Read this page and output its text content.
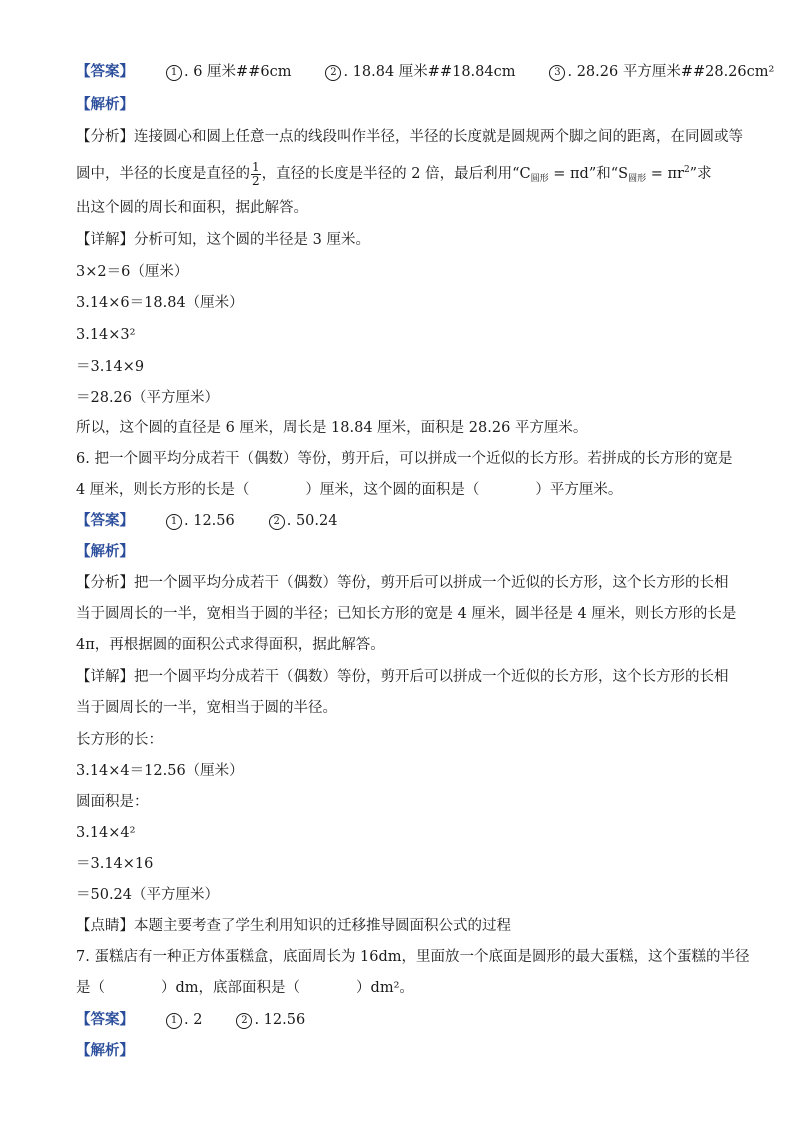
【答案】	1 . 6 厘米##6cm	2 . 18.84 厘米##18.84cm	3 . 28.26 平方厘米##28.26cm²
【解析】
【分析】连接圆心和圆上任意一点的线段叫作半径，半径的长度就是圆规两个脚之间的距离，在同圆或等
圆中，半径的长度是直径的 $\frac{1}{2}$ ，直径的长度是半径的 2 倍，最后利用“$C_{圆形} = \pi d$”和“$S_{圆形} = \pi r^2$”求
出这个圆的周长和面积，据此解答。
【详解】分析可知，这个圆的半径是 3 厘米。
3×2＝6（厘米）
3.14×6＝18.84（厘米）
3.14×3²
＝3.14×9
＝28.26（平方厘米）
所以，这个圆的直径是 6 厘米，周长是 18.84 厘米，面积是 28.26 平方厘米。
6. 把一个圆平均分成若干（偶数）等份，剪开后，可以拼成一个近似的长方形。若拼成的长方形的宽是
4 厘米，则长方形的长是（	）厘米，这个圆的面积是（	）平方厘米。
【答案】	1 . 12.56	2 . 50.24
【解析】
【分析】把一个圆平均分成若干（偶数）等份，剪开后可以拼成一个近似的长方形，这个长方形的长相
当于圆周长的一半，宽相当于圆的半径；已知长方形的宽是 4 厘米，圆半径是 4 厘米，则长方形的长是
4π，再根据圆的面积公式求得面积，据此解答。
【详解】把一个圆平均分成若干（偶数）等份，剪开后可以拼成一个近似的长方形，这个长方形的长相
当于圆周长的一半，宽相当于圆的半径。
长方形的长：
3.14×4＝12.56（厘米）
圆面积是：
3.14×4²
＝3.14×16
＝50.24（平方厘米）
【点睛】本题主要考查了学生利用知识的迁移推导圆面积公式的过程
7. 蛋糕店有一种正方体蛋糕盒，底面周长为 16dm，里面放一个底面是圆形的最大蛋糕，这个蛋糕的半径
是（	）dm，底部面积是（	）dm²。
【答案】	1 . 2	2 . 12.56
【解析】
